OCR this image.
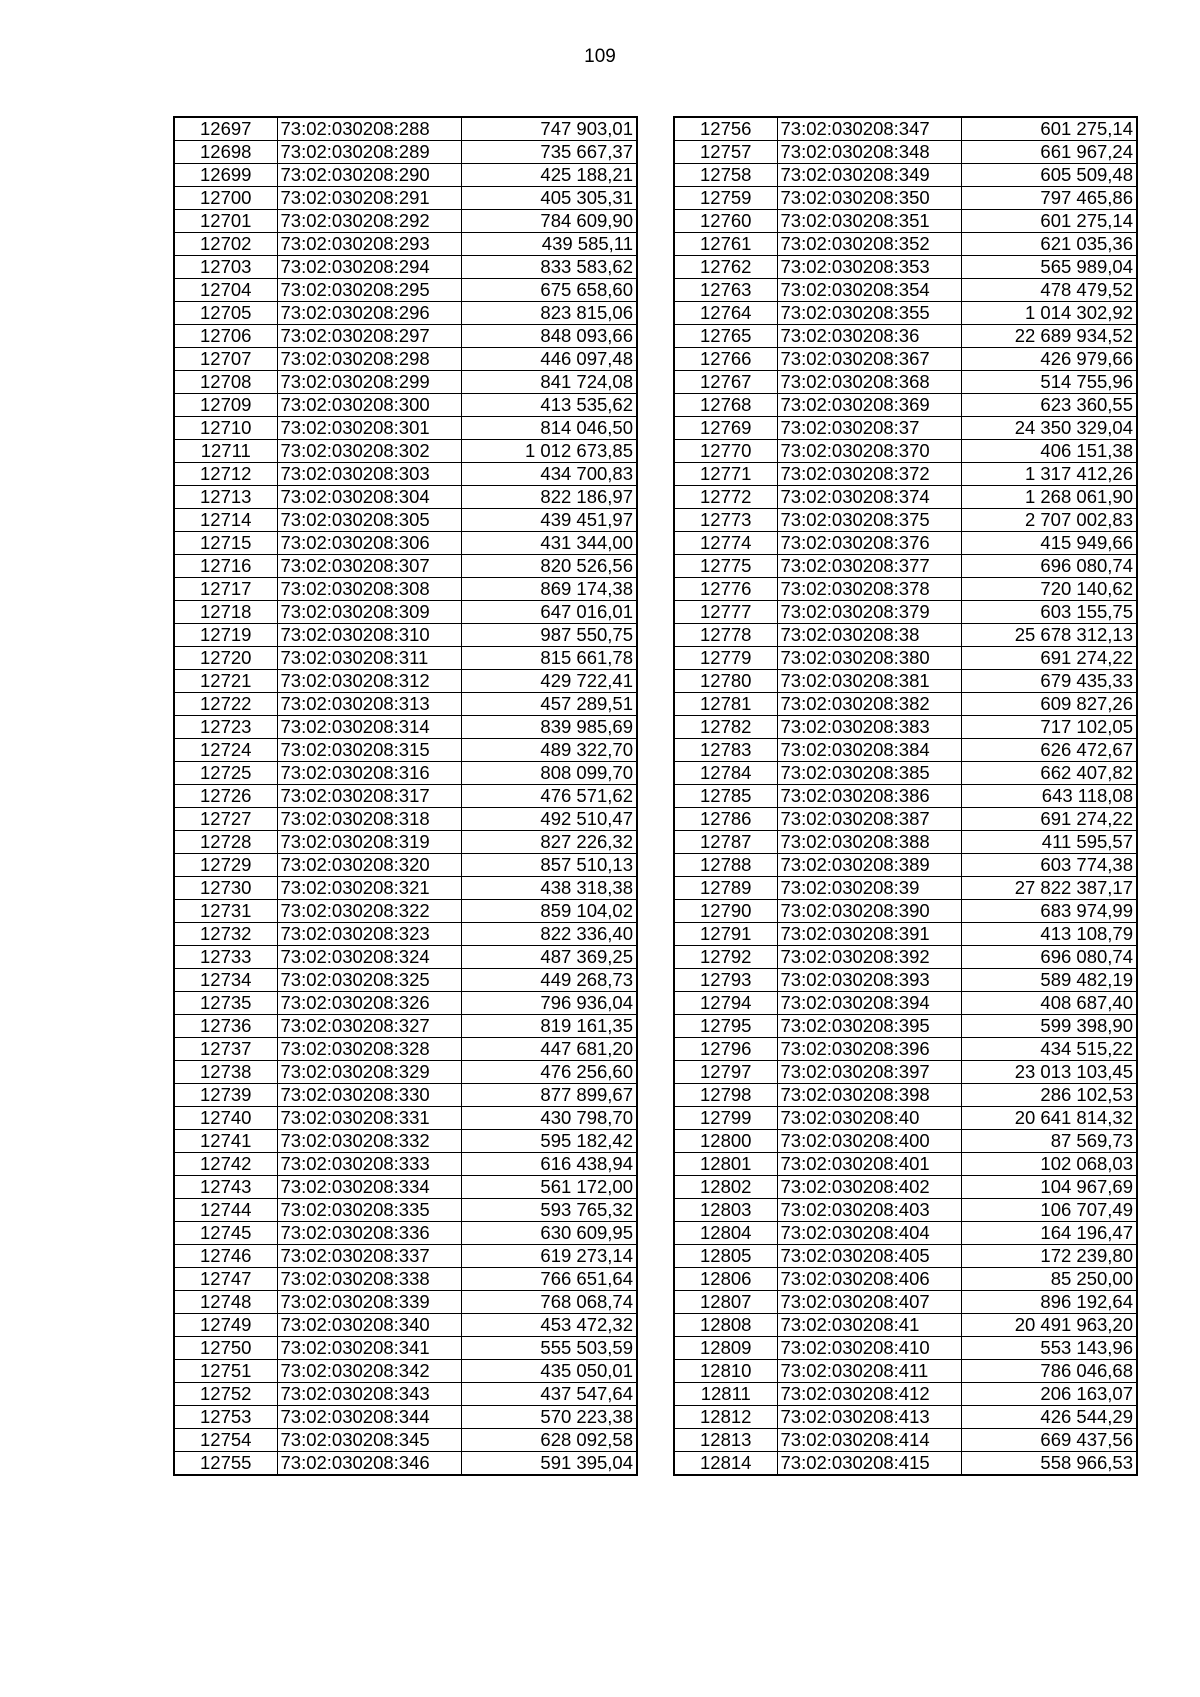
109
12697	73:02:030208:288	747 903,01
12698	73:02:030208:289	735 667,37
12699	73:02:030208:290	425 188,21
12700	73:02:030208:291	405 305,31
12701	73:02:030208:292	784 609,90
12702	73:02:030208:293	439 585,11
12703	73:02:030208:294	833 583,62
12704	73:02:030208:295	675 658,60
12705	73:02:030208:296	823 815,06
12706	73:02:030208:297	848 093,66
12707	73:02:030208:298	446 097,48
12708	73:02:030208:299	841 724,08
12709	73:02:030208:300	413 535,62
12710	73:02:030208:301	814 046,50
12711	73:02:030208:302	1 012 673,85
12712	73:02:030208:303	434 700,83
12713	73:02:030208:304	822 186,97
12714	73:02:030208:305	439 451,97
12715	73:02:030208:306	431 344,00
12716	73:02:030208:307	820 526,56
12717	73:02:030208:308	869 174,38
12718	73:02:030208:309	647 016,01
12719	73:02:030208:310	987 550,75
12720	73:02:030208:311	815 661,78
12721	73:02:030208:312	429 722,41
12722	73:02:030208:313	457 289,51
12723	73:02:030208:314	839 985,69
12724	73:02:030208:315	489 322,70
12725	73:02:030208:316	808 099,70
12726	73:02:030208:317	476 571,62
12727	73:02:030208:318	492 510,47
12728	73:02:030208:319	827 226,32
12729	73:02:030208:320	857 510,13
12730	73:02:030208:321	438 318,38
12731	73:02:030208:322	859 104,02
12732	73:02:030208:323	822 336,40
12733	73:02:030208:324	487 369,25
12734	73:02:030208:325	449 268,73
12735	73:02:030208:326	796 936,04
12736	73:02:030208:327	819 161,35
12737	73:02:030208:328	447 681,20
12738	73:02:030208:329	476 256,60
12739	73:02:030208:330	877 899,67
12740	73:02:030208:331	430 798,70
12741	73:02:030208:332	595 182,42
12742	73:02:030208:333	616 438,94
12743	73:02:030208:334	561 172,00
12744	73:02:030208:335	593 765,32
12745	73:02:030208:336	630 609,95
12746	73:02:030208:337	619 273,14
12747	73:02:030208:338	766 651,64
12748	73:02:030208:339	768 068,74
12749	73:02:030208:340	453 472,32
12750	73:02:030208:341	555 503,59
12751	73:02:030208:342	435 050,01
12752	73:02:030208:343	437 547,64
12753	73:02:030208:344	570 223,38
12754	73:02:030208:345	628 092,58
12755	73:02:030208:346	591 395,04
12756	73:02:030208:347	601 275,14
12757	73:02:030208:348	661 967,24
12758	73:02:030208:349	605 509,48
12759	73:02:030208:350	797 465,86
12760	73:02:030208:351	601 275,14
12761	73:02:030208:352	621 035,36
12762	73:02:030208:353	565 989,04
12763	73:02:030208:354	478 479,52
12764	73:02:030208:355	1 014 302,92
12765	73:02:030208:36	22 689 934,52
12766	73:02:030208:367	426 979,66
12767	73:02:030208:368	514 755,96
12768	73:02:030208:369	623 360,55
12769	73:02:030208:37	24 350 329,04
12770	73:02:030208:370	406 151,38
12771	73:02:030208:372	1 317 412,26
12772	73:02:030208:374	1 268 061,90
12773	73:02:030208:375	2 707 002,83
12774	73:02:030208:376	415 949,66
12775	73:02:030208:377	696 080,74
12776	73:02:030208:378	720 140,62
12777	73:02:030208:379	603 155,75
12778	73:02:030208:38	25 678 312,13
12779	73:02:030208:380	691 274,22
12780	73:02:030208:381	679 435,33
12781	73:02:030208:382	609 827,26
12782	73:02:030208:383	717 102,05
12783	73:02:030208:384	626 472,67
12784	73:02:030208:385	662 407,82
12785	73:02:030208:386	643 118,08
12786	73:02:030208:387	691 274,22
12787	73:02:030208:388	411 595,57
12788	73:02:030208:389	603 774,38
12789	73:02:030208:39	27 822 387,17
12790	73:02:030208:390	683 974,99
12791	73:02:030208:391	413 108,79
12792	73:02:030208:392	696 080,74
12793	73:02:030208:393	589 482,19
12794	73:02:030208:394	408 687,40
12795	73:02:030208:395	599 398,90
12796	73:02:030208:396	434 515,22
12797	73:02:030208:397	23 013 103,45
12798	73:02:030208:398	286 102,53
12799	73:02:030208:40	20 641 814,32
12800	73:02:030208:400	87 569,73
12801	73:02:030208:401	102 068,03
12802	73:02:030208:402	104 967,69
12803	73:02:030208:403	106 707,49
12804	73:02:030208:404	164 196,47
12805	73:02:030208:405	172 239,80
12806	73:02:030208:406	85 250,00
12807	73:02:030208:407	896 192,64
12808	73:02:030208:41	20 491 963,20
12809	73:02:030208:410	553 143,96
12810	73:02:030208:411	786 046,68
12811	73:02:030208:412	206 163,07
12812	73:02:030208:413	426 544,29
12813	73:02:030208:414	669 437,56
12814	73:02:030208:415	558 966,53
